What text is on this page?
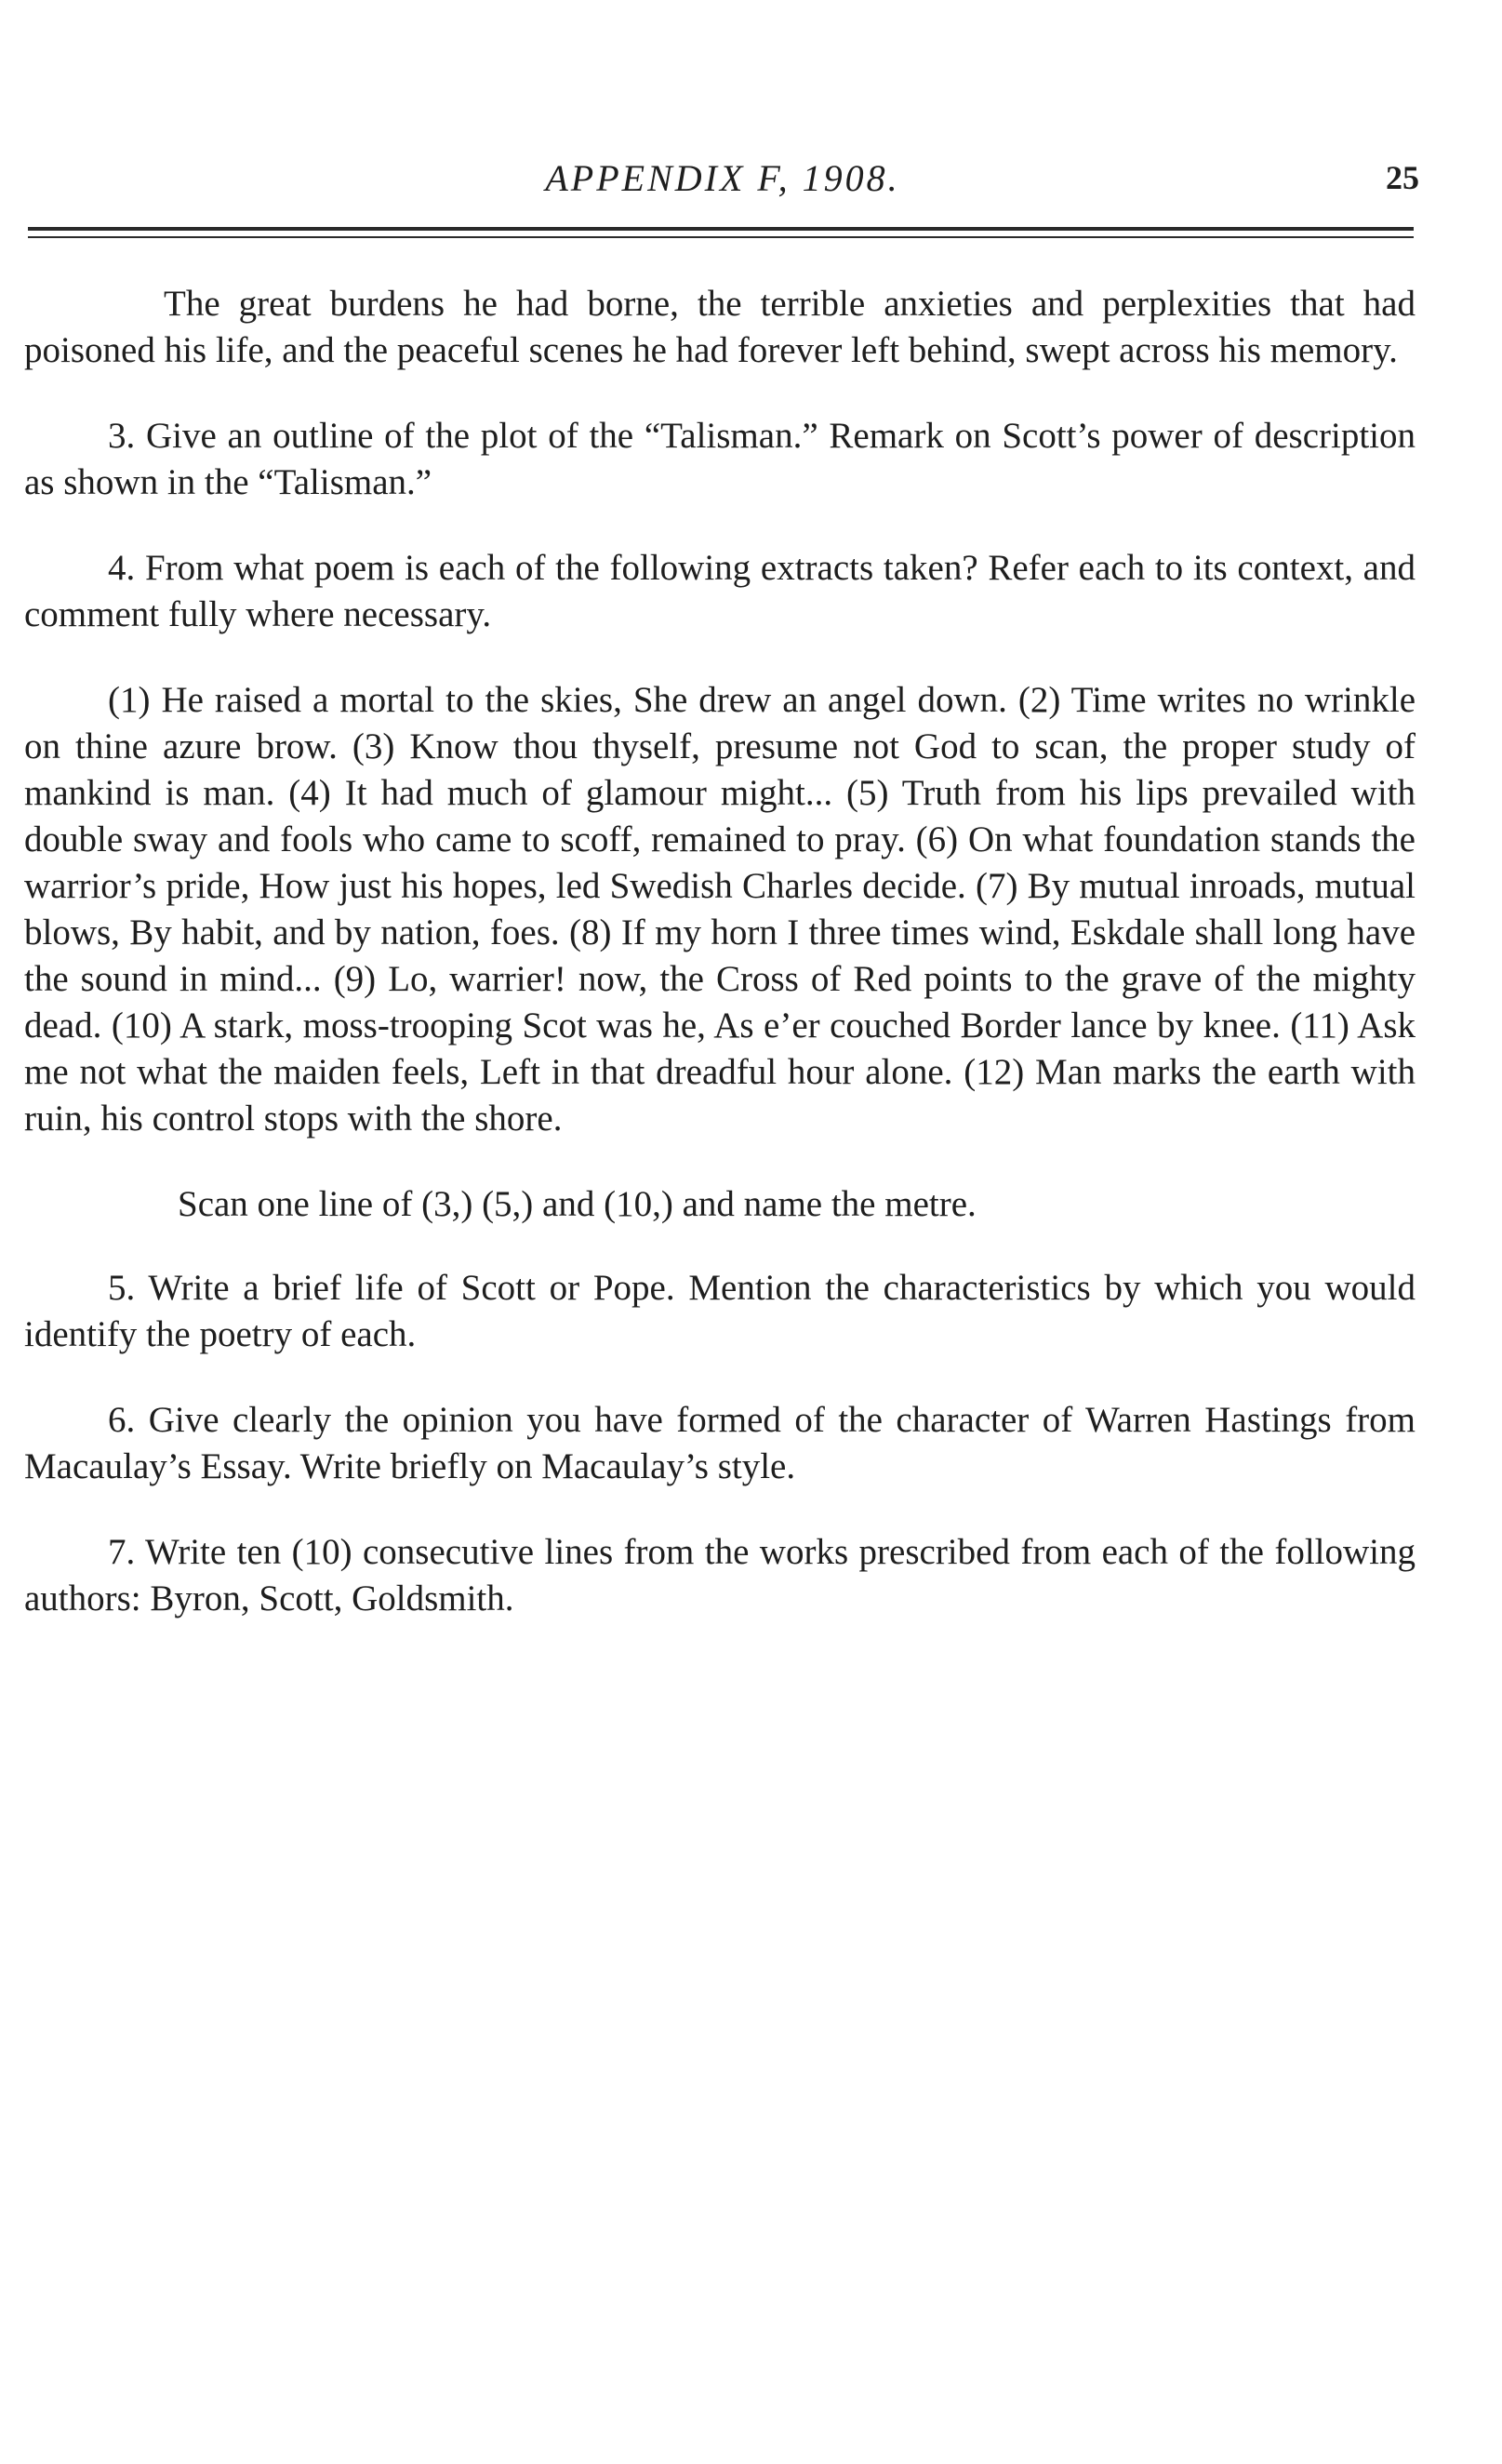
APPENDIX F, 1908.	25

The great burdens he had borne, the terrible anxieties and perplexities that had poisoned his life, and the peaceful scenes he had forever left behind, swept across his memory.

3. Give an outline of the plot of the “Talisman.” Remark on Scott’s power of description as shown in the “Talisman.”

4. From what poem is each of the following extracts taken? Refer each to its context, and comment fully where necessary.

(1) He raised a mortal to the skies, She drew an angel down. (2) Time writes no wrinkle on thine azure brow. (3) Know thou thyself, presume not God to scan, the proper study of mankind is man. (4) It had much of glamour might... (5) Truth from his lips prevailed with double sway and fools who came to scoff, remained to pray. (6) On what foundation stands the warrior’s pride, How just his hopes, led Swedish Charles decide. (7) By mutual inroads, mutual blows, By habit, and by nation, foes. (8) If my horn I three times wind, Eskdale shall long have the sound in mind... (9) Lo, warrier! now, the Cross of Red points to the grave of the mighty dead. (10) A stark, moss-trooping Scot was he, As e’er couched Border lance by knee. (11) Ask me not what the maiden feels, Left in that dreadful hour alone. (12) Man marks the earth with ruin, his control stops with the shore.

Scan one line of (3,) (5,) and (10,) and name the metre.

5. Write a brief life of Scott or Pope. Mention the characteristics by which you would identify the poetry of each.

6. Give clearly the opinion you have formed of the character of Warren Hastings from Macaulay’s Essay. Write briefly on Macaulay’s style.

7. Write ten (10) consecutive lines from the works prescribed from each of the following authors: Byron, Scott, Goldsmith.
